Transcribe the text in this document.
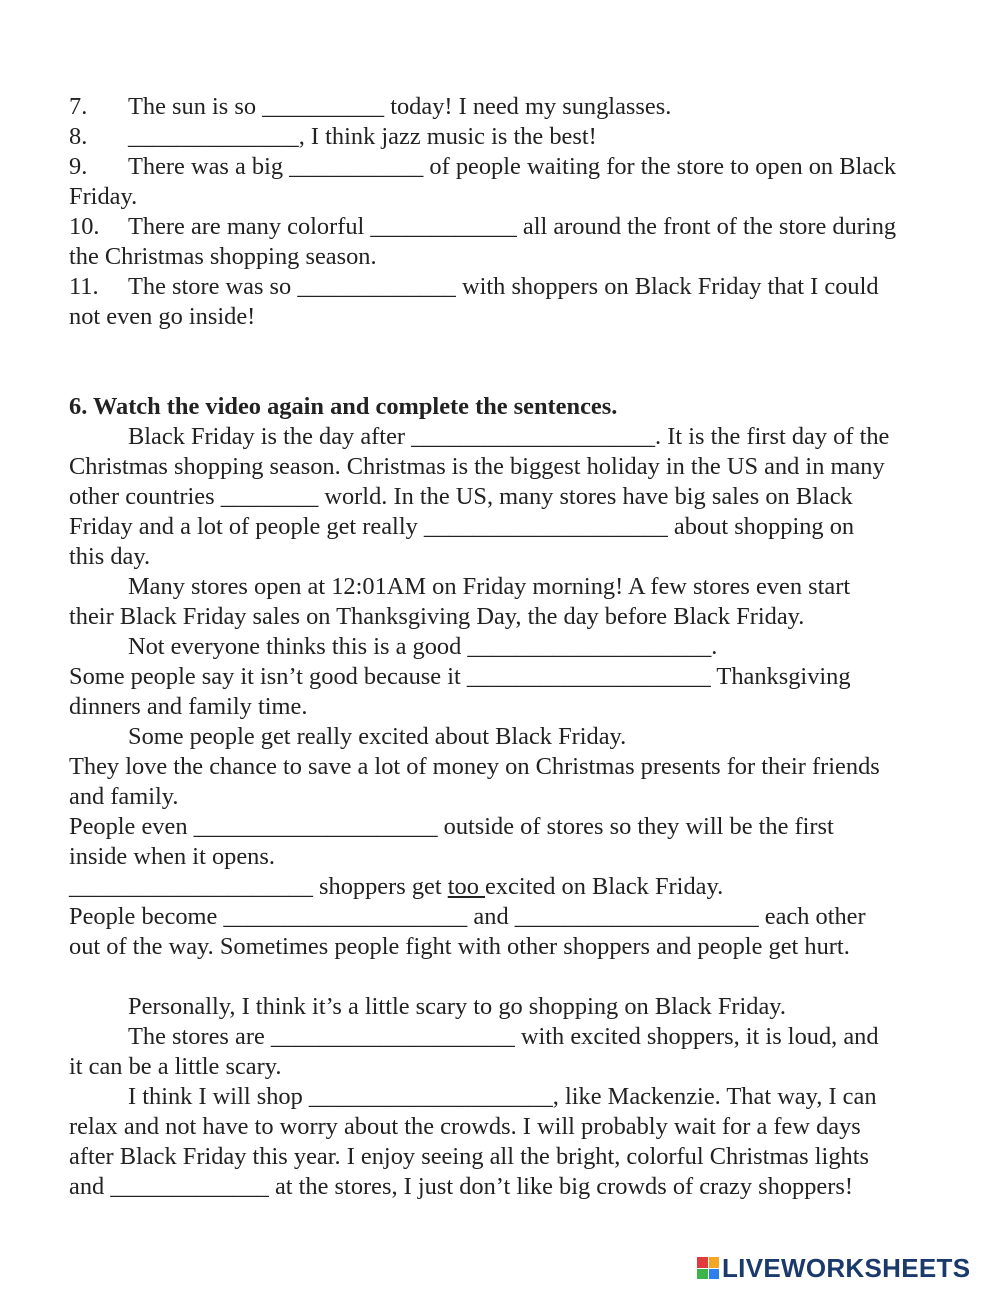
7. The sun is so __________ today! I need my sunglasses.
8. ______________, I think jazz music is the best!
9. There was a big ___________ of people waiting for the store to open on Black
Friday.
10. There are many colorful ____________ all around the front of the store during
the Christmas shopping season.
11. The store was so _____________ with shoppers on Black Friday that I could
not even go inside!
6. Watch the video again and complete the sentences.
Black Friday is the day after ____________________. It is the first day of the
Christmas shopping season. Christmas is the biggest holiday in the US and in many
other countries ________ world. In the US, many stores have big sales on Black
Friday and a lot of people get really ____________________ about shopping on
this day.
Many stores open at 12:01AM on Friday morning! A few stores even start
their Black Friday sales on Thanksgiving Day, the day before Black Friday.
Not everyone thinks this is a good ____________________.
Some people say it isn’t good because it ____________________ Thanksgiving
dinners and family time.
Some people get really excited about Black Friday.
They love the chance to save a lot of money on Christmas presents for their friends
and family.
People even ____________________ outside of stores so they will be the first
inside when it opens.
____________________ shoppers get too excited on Black Friday.
People become ____________________ and ____________________ each other
out of the way. Sometimes people fight with other shoppers and people get hurt.
Personally, I think it’s a little scary to go shopping on Black Friday.
The stores are ____________________ with excited shoppers, it is loud, and
it can be a little scary.
I think I will shop ____________________, like Mackenzie. That way, I can
relax and not have to worry about the crowds. I will probably wait for a few days
after Black Friday this year. I enjoy seeing all the bright, colorful Christmas lights
and _____________ at the stores, I just don’t like big crowds of crazy shoppers!
LIVEWORKSHEETS
